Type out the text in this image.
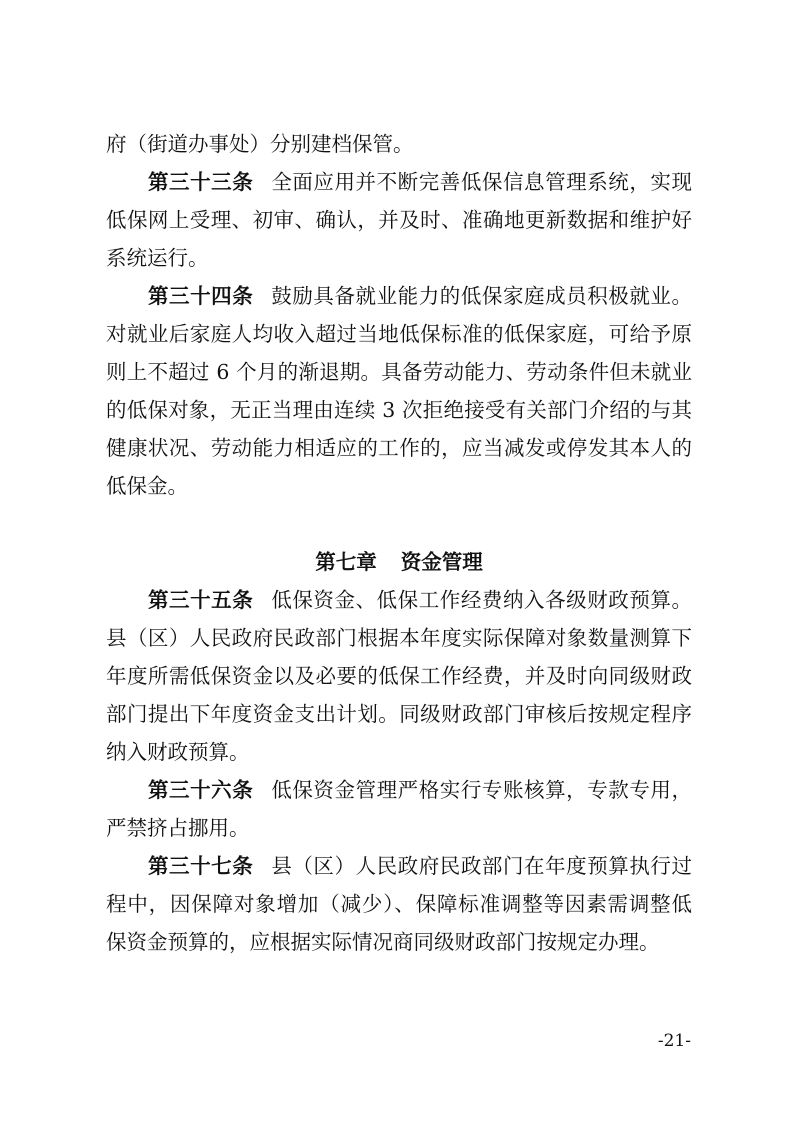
府（街道办事处）分别建档保管。
第三十三条 全面应用并不断完善低保信息管理系统，实现
低保网上受理、初审、确认，并及时、准确地更新数据和维护好
系统运行。
第三十四条 鼓励具备就业能力的低保家庭成员积极就业。
对就业后家庭人均收入超过当地低保标准的低保家庭，可给予原
则上不超过 6 个月的渐退期。具备劳动能力、劳动条件但未就业
的低保对象，无正当理由连续 3 次拒绝接受有关部门介绍的与其
健康状况、劳动能力相适应的工作的，应当减发或停发其本人的
低保金。
第七章 资金管理
第三十五条 低保资金、低保工作经费纳入各级财政预算。
县（区）人民政府民政部门根据本年度实际保障对象数量测算下
年度所需低保资金以及必要的低保工作经费，并及时向同级财政
部门提出下年度资金支出计划。同级财政部门审核后按规定程序
纳入财政预算。
第三十六条 低保资金管理严格实行专账核算，专款专用，
严禁挤占挪用。
第三十七条 县（区）人民政府民政部门在年度预算执行过
程中，因保障对象增加（减少）、保障标准调整等因素需调整低
保资金预算的，应根据实际情况商同级财政部门按规定办理。
-21-
